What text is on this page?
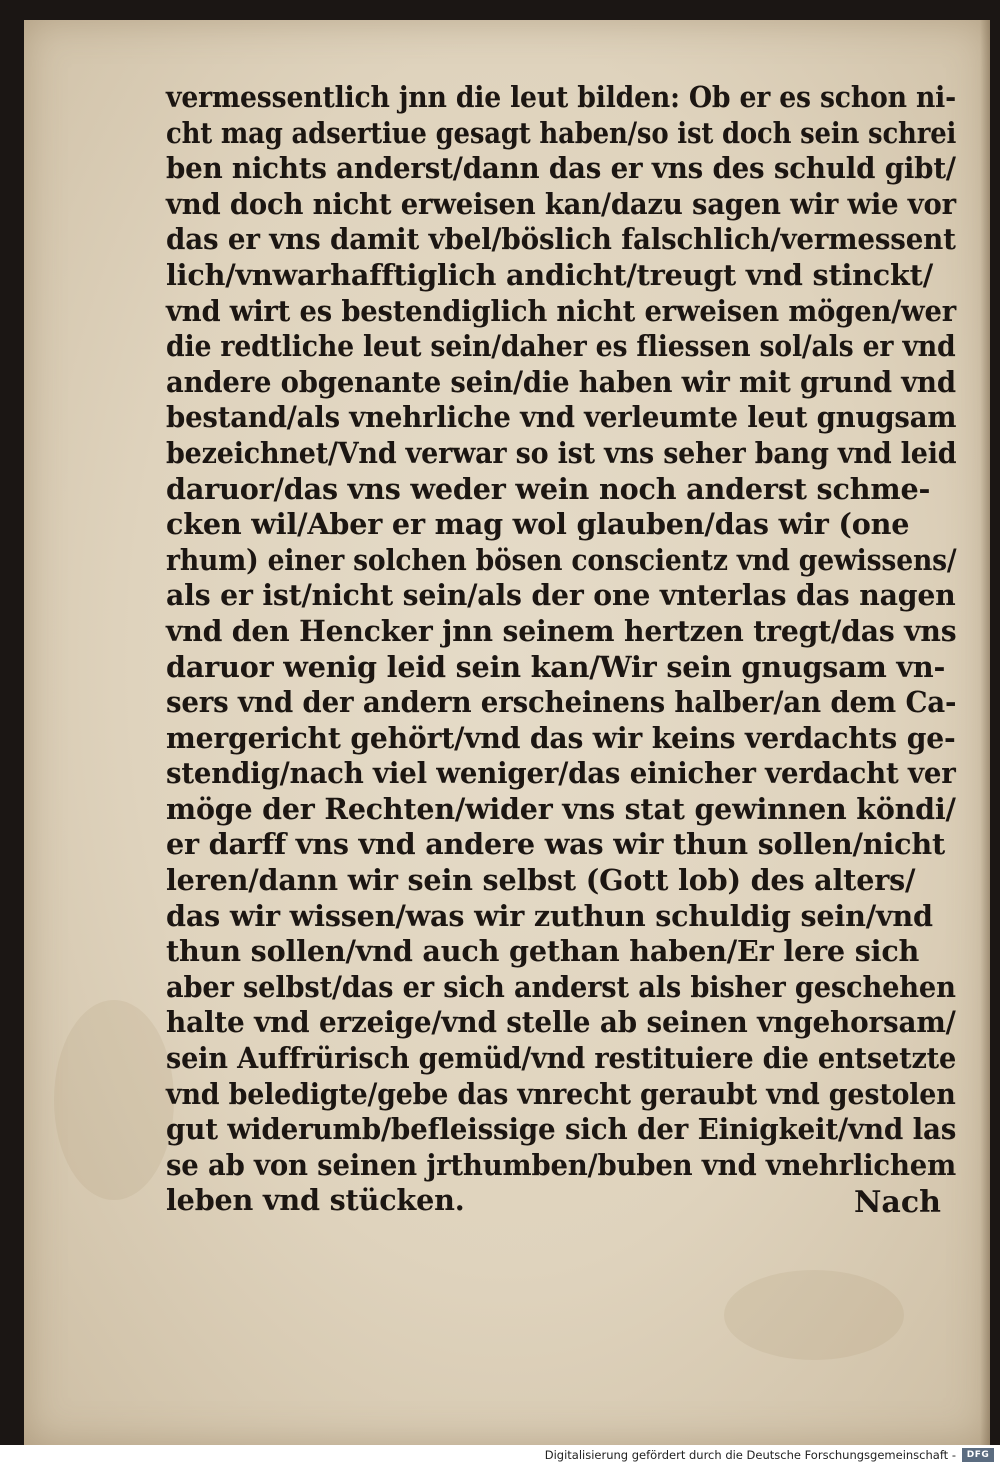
vermessentlich jnn die leut bilden: Ob er es schon ni-
cht mag adsertiue gesagt haben/so ist doch sein schrei
ben nichts anderst/dann das er vns des schuld gibt/
vnd doch nicht erweisen kan/dazu sagen wir wie vor
das er vns damit vbel/böslich falschlich/vermessent
lich/vnwarhafftiglich andicht/treugt vnd stinckt/
vnd wirt es bestendiglich nicht erweisen mögen/wer
die redtliche leut sein/daher es fliessen sol/als er vnd
andere obgenante sein/die haben wir mit grund vnd
bestand/als vnehrliche vnd verleumte leut gnugsam
bezeichnet/Vnd verwar so ist vns seher bang vnd leid
daruor/das vns weder wein noch anderst schme-
cken wil/Aber er mag wol glauben/das wir (one
rhum) einer solchen bösen conscientz vnd gewissens/
als er ist/nicht sein/als der one vnterlas das nagen
vnd den Hencker jnn seinem hertzen tregt/das vns
daruor wenig leid sein kan/Wir sein gnugsam vn-
sers vnd der andern erscheinens halber/an dem Ca-
mergericht gehört/vnd das wir keins verdachts ge-
stendig/nach viel weniger/das einicher verdacht ver
möge der Rechten/wider vns stat gewinnen köndi/
er darff vns vnd andere was wir thun sollen/nicht
leren/dann wir sein selbst (Gott lob) des alters/
das wir wissen/was wir zuthun schuldig sein/vnd
thun sollen/vnd auch gethan haben/Er lere sich
aber selbst/das er sich anderst als bisher geschehen
halte vnd erzeige/vnd stelle ab seinen vngehorsam/
sein Auffrürisch gemüd/vnd restituiere die entsetzte
vnd beledigte/gebe das vnrecht geraubt vnd gestolen
gut widerumb/befleissige sich der Einigkeit/vnd las
se ab von seinen jrthumben/buben vnd vnehrlichem
leben vnd stücken.	Nach
Digitalisierung gefördert durch die Deutsche Forschungsgemeinschaft -	DFG
